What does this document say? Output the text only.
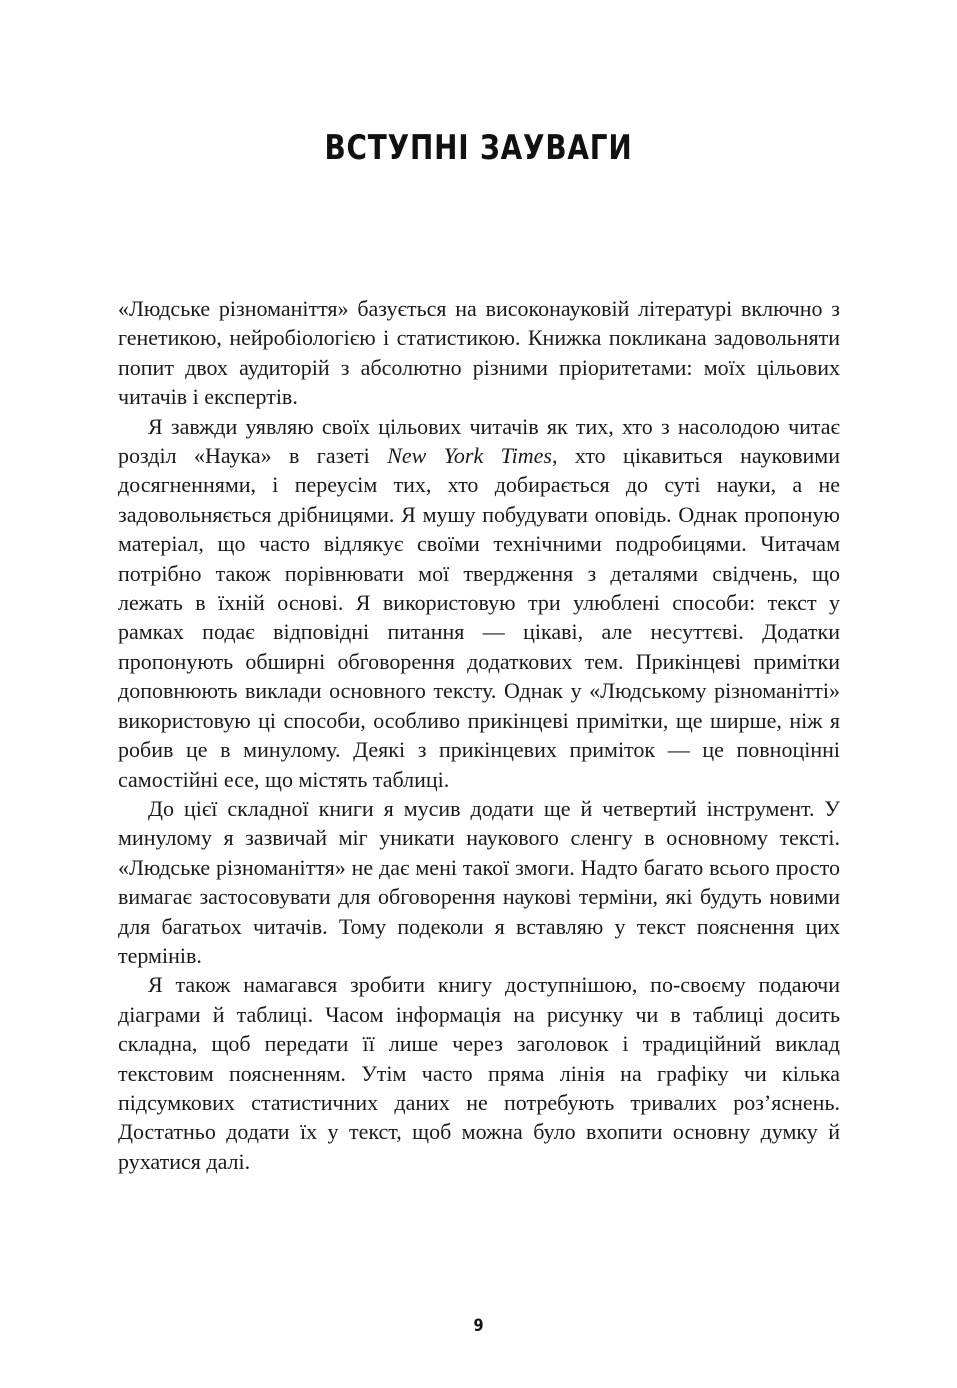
ВСТУПНІ ЗАУВАГИ

«Людське різноманіття» базується на високонауковій літературі включно з генетикою, нейробіологією і статистикою. Книжка покликана задовольняти попит двох аудиторій з абсолютно різними пріоритетами: моїх цільових читачів і експертів.

Я завжди уявляю своїх цільових читачів як тих, хто з насолодою читає розділ «Наука» в газеті New York Times, хто цікавиться науковими досягненнями, і переусім тих, хто добирається до суті науки, а не задовольняється дрібницями. Я мушу побудувати оповідь. Однак пропоную матеріал, що часто відлякує своїми технічними подробицями. Читачам потрібно також порівнювати мої твердження з деталями свідчень, що лежать в їхній основі. Я використовую три улюблені способи: текст у рамках подає відповідні питання — цікаві, але несуттєві. Додатки пропонують обширні обговорення додаткових тем. Прикінцеві примітки доповнюють виклади основного тексту. Однак у «Людському різноманітті» використовую ці способи, особливо прикінцеві примітки, ще ширше, ніж я робив це в минулому. Деякі з прикінцевих приміток — це повноцінні самостійні есе, що містять таблиці.

До цієї складної книги я мусив додати ще й четвертий інструмент. У минулому я зазвичай міг уникати наукового сленгу в основному тексті. «Людське різноманіття» не дає мені такої змоги. Надто багато всього просто вимагає застосовувати для обговорення наукові терміни, які будуть новими для багатьох читачів. Тому подеколи я вставляю у текст пояснення цих термінів.

Я також намагався зробити книгу доступнішою, по-своєму подаючи діаграми й таблиці. Часом інформація на рисунку чи в таблиці досить складна, щоб передати її лише через заголовок і традиційний виклад текстовим поясненням. Утім часто пряма лінія на графіку чи кілька підсумкових статистичних даних не потребують тривалих роз’яснень. Достатньо додати їх у текст, щоб можна було вхопити основну думку й рухатися далі.

9
